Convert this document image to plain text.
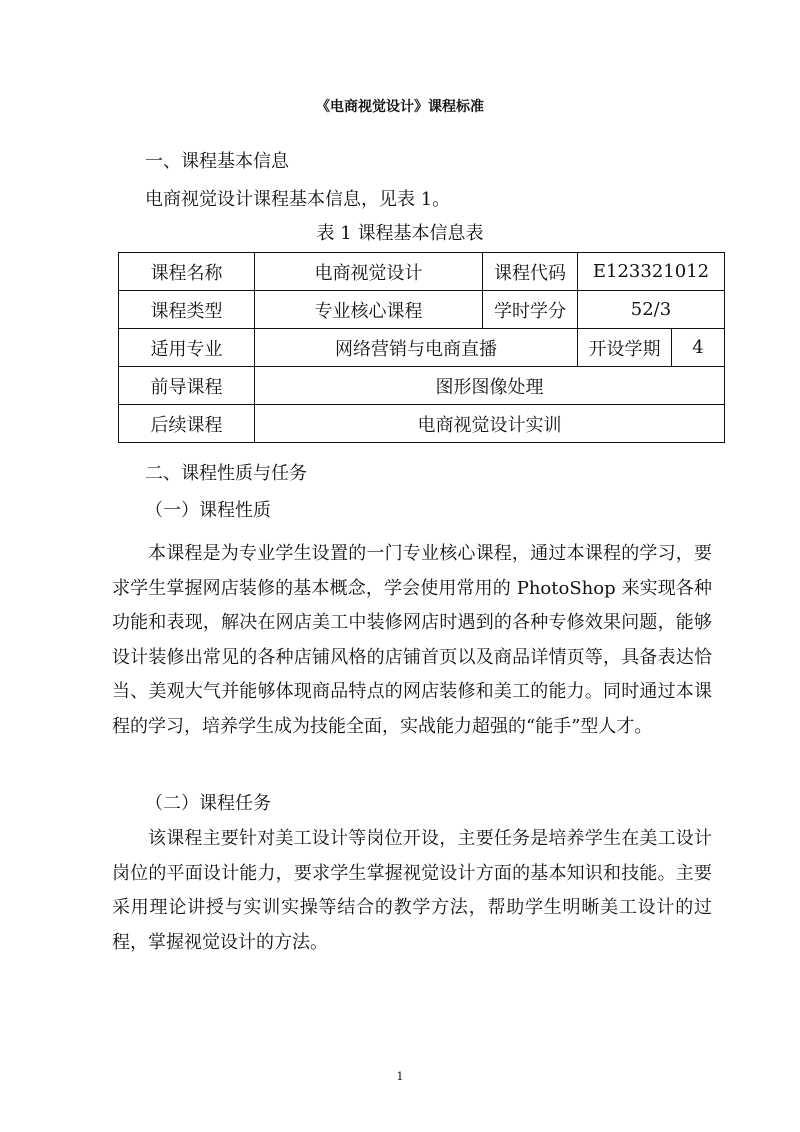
《电商视觉设计》课程标准
一、课程基本信息
电商视觉设计课程基本信息，见表 1。
表 1 课程基本信息表
课程名称	电商视觉设计	课程代码	E123321012
课程类型	专业核心课程	学时学分	52/3
适用专业	网络营销与电商直播		开设学期 4

前导课程	图形图像处理		
后续课程	电商视觉设计实训		
二、课程性质与任务
（一）课程性质

本课程是为专业学生设置的一门专业核心课程，通过本课程的学习，要求学生掌握网店装修的基本概念，学会使用常用的 PhotoShop 来实现各种功能和表现，解决在网店美工中装修网店时遇到的各种专修效果问题，能够设计装修出常见的各种店铺风格的店铺首页以及商品详情页等，具备表达恰当、美观大气并能够体现商品特点的网店装修和美工的能力。同时通过本课程的学习，培养学生成为技能全面，实战能力超强的“能手”型人才。

（二）课程任务

该课程主要针对美工设计等岗位开设，主要任务是培养学生在美工设计岗位的平面设计能力，要求学生掌握视觉设计方面的基本知识和技能。主要采用理论讲授与实训实操等结合的教学方法，帮助学生明晰美工设计的过程，掌握视觉设计的方法。

1
